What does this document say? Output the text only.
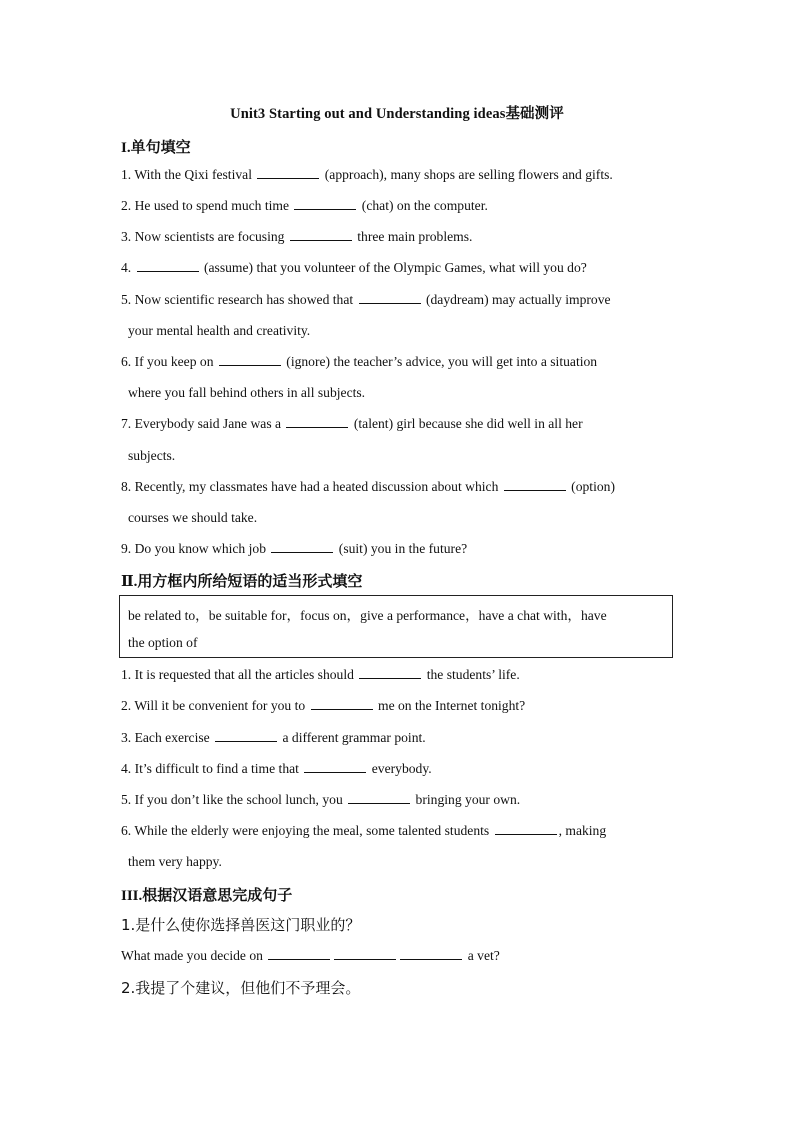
Unit3 Starting out and Understanding ideas基础测评
I.单句填空
1. With the Qixi festival	(approach), many shops are selling flowers and gifts.
2. He used to spend much time	(chat) on the computer.
3. Now scientists are focusing	three main problems.
4.	(assume) that you volunteer of the Olympic Games, what will you do?
5. Now scientific research has showed that	(daydream) may actually improve
your mental health and creativity.
6. If you keep on	(ignore) the teacher’s advice, you will get into a situation
where you fall behind others in all subjects.
7. Everybody said Jane was a	(talent) girl because she did well in all her
subjects.
8. Recently, my classmates have had a heated discussion about which	(option)
courses we should take.
9. Do you know which job	(suit) you in the future?
Ⅱ.用方框内所给短语的适当形式填空
be related to，be suitable for，focus on，give a performance，have a chat with，have
the option of
1. It is requested that all the articles should	the students’ life.
2. Will it be convenient for you to	me on the Internet tonight?
3. Each exercise	a different grammar point.
4. It’s difficult to find a time that	everybody.
5. If you don’t like the school lunch, you	bringing your own.
6. While the elderly were enjoying the meal, some talented students	, making
them very happy.
III.根据汉语意思完成句子
1.是什么使你选择兽医这门职业的？
What made you decide on	a vet?
2.我提了个建议，但他们不予理会。
